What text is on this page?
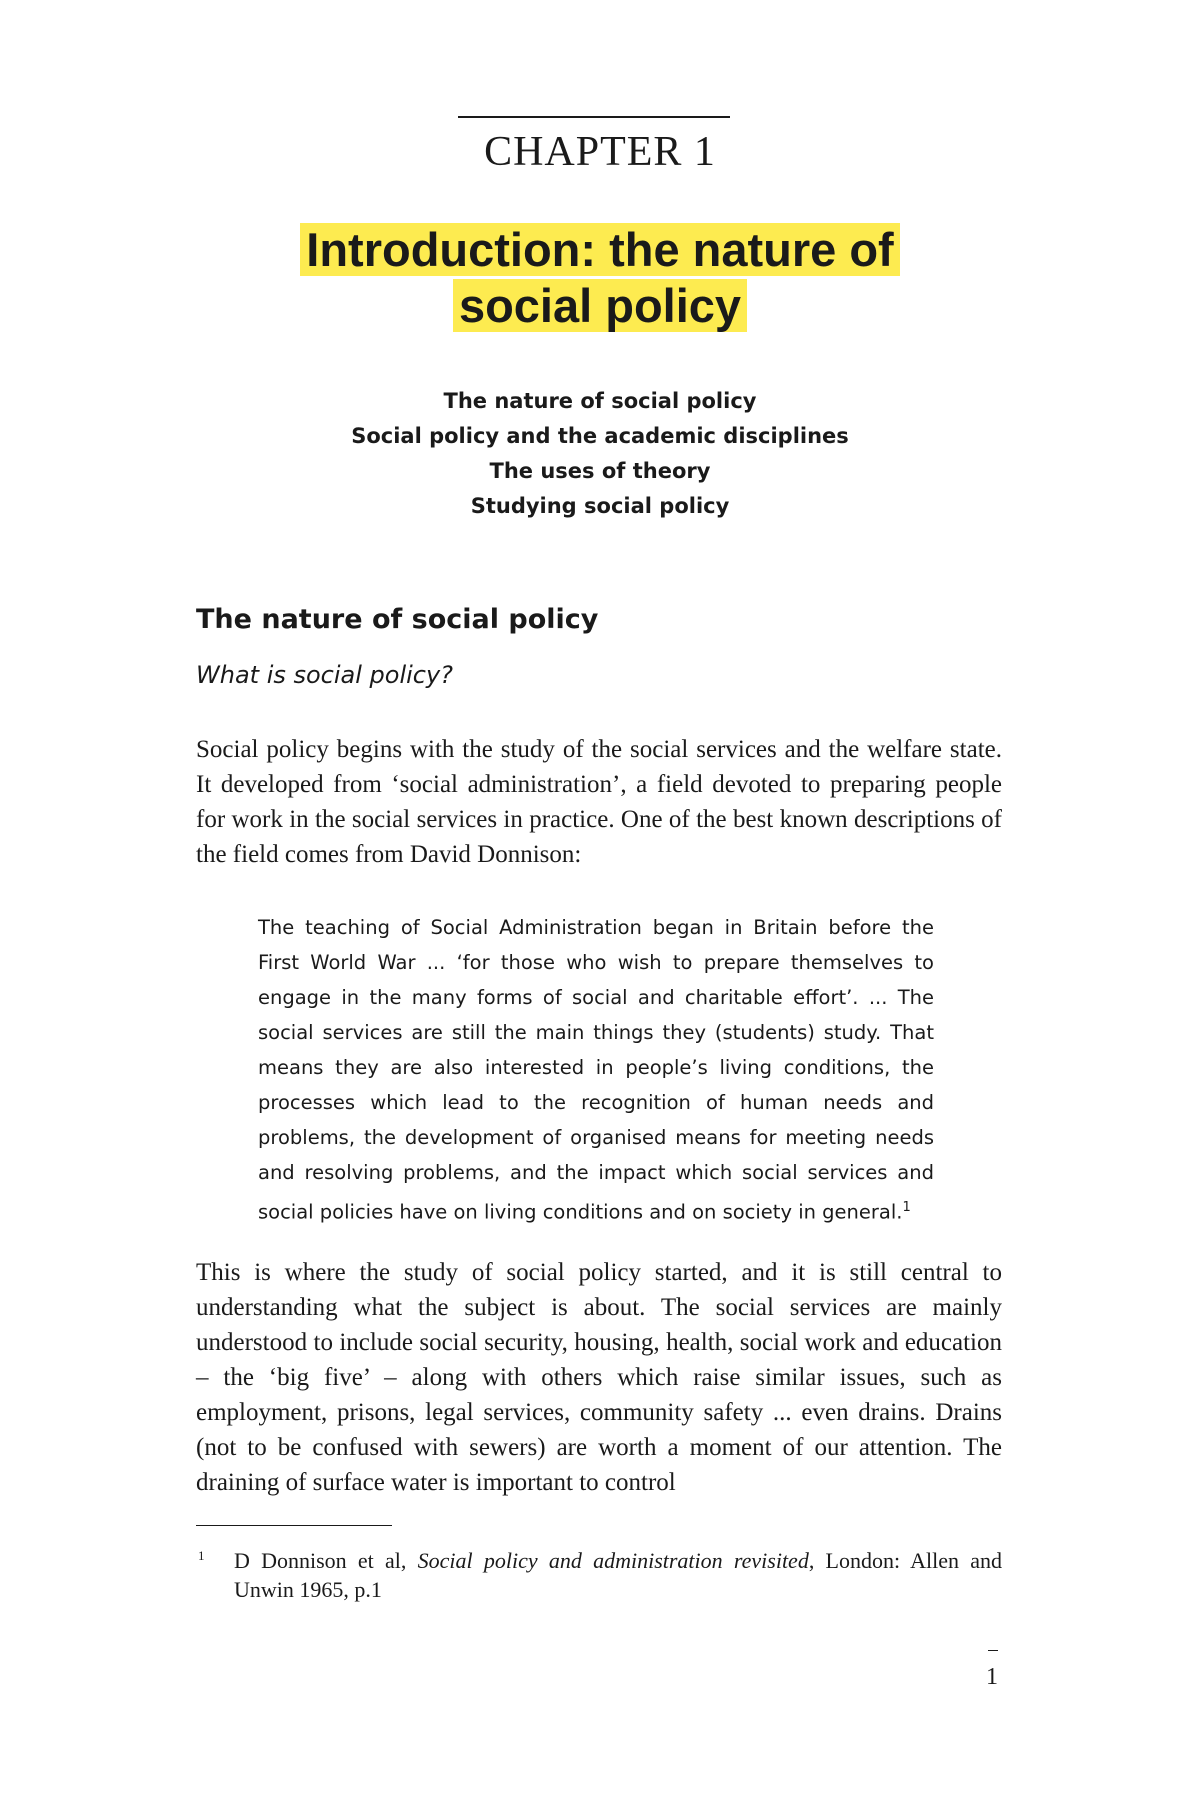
CHAPTER 1
Introduction: the nature of
social policy
The nature of social policy
Social policy and the academic disciplines
The uses of theory
Studying social policy
The nature of social policy
What is social policy?

Social policy begins with the study of the social services and the welfare state. It developed from ‘social administration’, a field devoted to preparing people for work in the social services in practice. One of the best known descriptions of the field comes from David Donnison:

The teaching of Social Administration began in Britain before the First World War ... ‘for those who wish to prepare themselves to engage in the many forms of social and charitable effort’. ... The social services are still the main things they (students) study. That means they are also interested in people’s living conditions, the processes which lead to the recognition of human needs and problems, the development of organised means for meeting needs and resolving problems, and the impact which social services and social policies have on living conditions and on society in general.$^1$

This is where the study of social policy started, and it is still central to understanding what the subject is about. The social services are mainly understood to include social security, housing, health, social work and education – the ‘big five’ – along with others which raise similar issues, such as employment, prisons, legal services, community safety ... even drains. Drains (not to be confused with sewers) are worth a moment of our attention. The draining of surface water is important to control

1 D Donnison et al, Social policy and administration revisited, London: Allen and Unwin 1965, p.1

1
